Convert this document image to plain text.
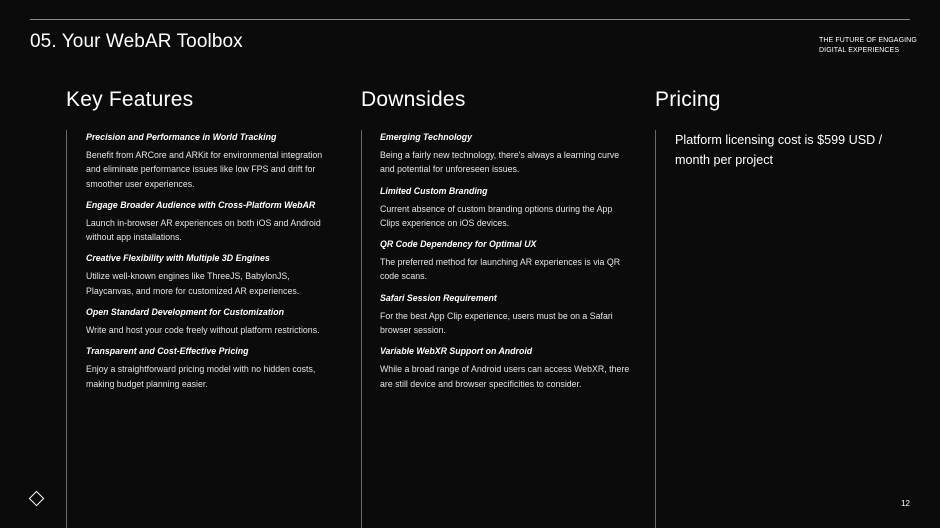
05. Your WebAR Toolbox	THE FUTURE OF ENGAGING DIGITAL EXPERIENCES
Key Features
Precision and Performance in World Tracking
Benefit from ARCore and ARKit for environmental integration and eliminate performance issues like low FPS and drift for smoother user experiences.
Engage Broader Audience with Cross-Platform WebAR
Launch in-browser AR experiences on both iOS and Android without app installations.
Creative Flexibility with Multiple 3D Engines
Utilize well-known engines like ThreeJS, BabylonJS, Playcanvas, and more for customized AR experiences.
Open Standard Development for Customization
Write and host your code freely without platform restrictions.
Transparent and Cost-Effective Pricing
Enjoy a straightforward pricing model with no hidden costs, making budget planning easier.
Downsides
Emerging Technology
Being a fairly new technology, there's always a learning curve and potential for unforeseen issues.
Limited Custom Branding
Current absence of custom branding options during the App Clips experience on iOS devices.
QR Code Dependency for Optimal UX
The preferred method for launching AR experiences is via QR code scans.
Safari Session Requirement
For the best App Clip experience, users must be on a Safari browser session.
Variable WebXR Support on Android
While a broad range of Android users can access WebXR, there are still device and browser specificities to consider.
Pricing
Platform licensing cost is $599 USD / month per project
12
